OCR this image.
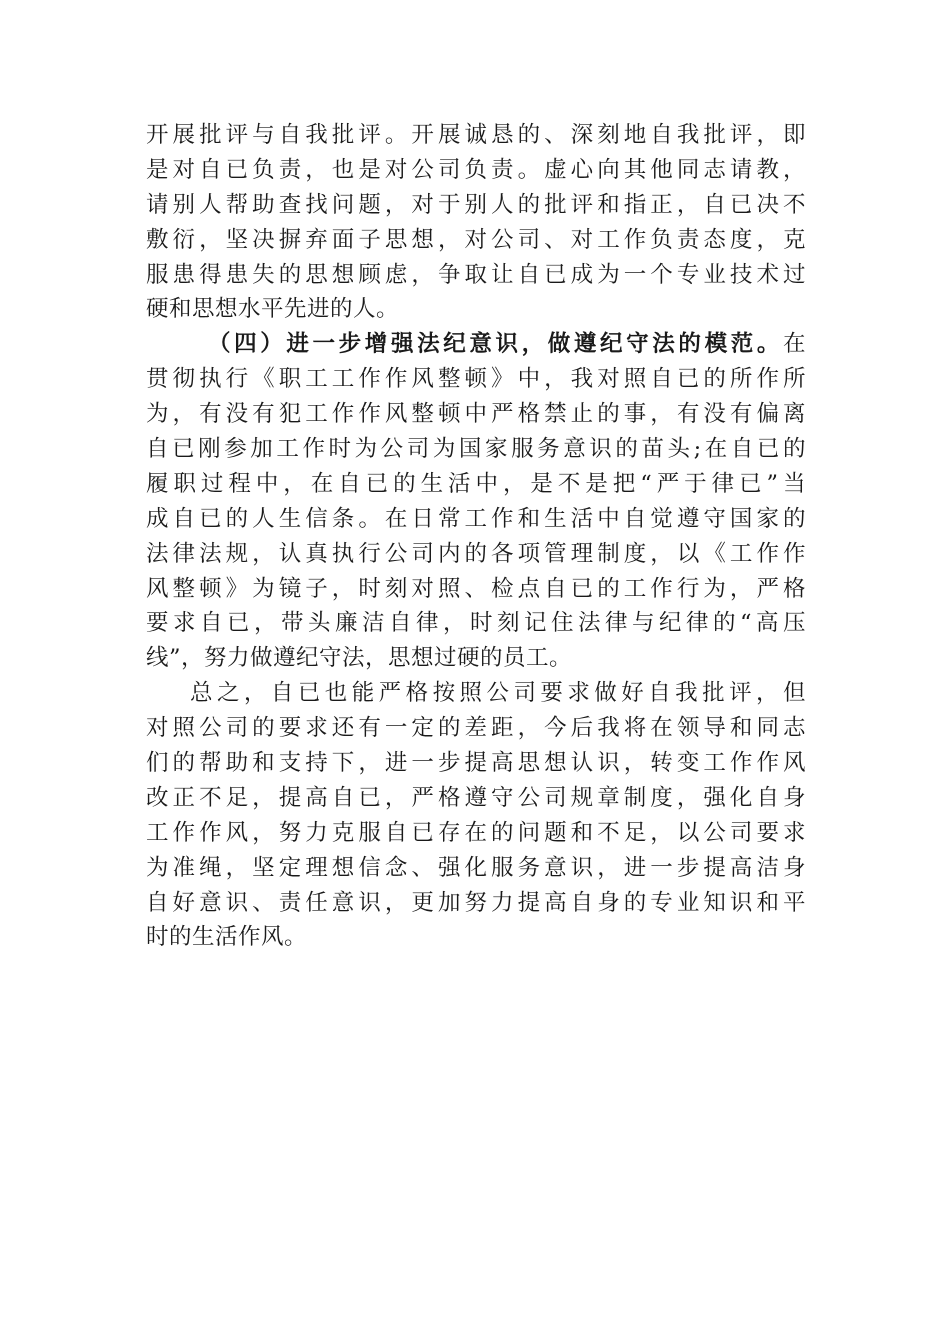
开展批评与自我批评。开展诚恳的、深刻地自我批评，即
是对自已负责，也是对公司负责。虚心向其他同志请教，
请别人帮助查找问题，对于别人的批评和指正，自已决不
敷衍，坚决摒弃面子思想，对公司、对工作负责态度，克
服患得患失的思想顾虑，争取让自已成为一个专业技术过
硬和思想水平先进的人。
（四）进一步增强法纪意识，做遵纪守法的模范。在
贯彻执行《职工工作作风整顿》中，我对照自已的所作所
为，有没有犯工作作风整顿中严格禁止的事，有没有偏离
自已刚参加工作时为公司为国家服务意识的苗头;在自已的
履职过程中，在自已的生活中，是不是把“严于律已”当
成自已的人生信条。在日常工作和生活中自觉遵守国家的
法律法规，认真执行公司内的各项管理制度，以《工作作
风整顿》为镜子，时刻对照、检点自已的工作行为，严格
要求自已，带头廉洁自律，时刻记住法律与纪律的“高压
线”，努力做遵纪守法，思想过硬的员工。
总之，自已也能严格按照公司要求做好自我批评，但
对照公司的要求还有一定的差距，今后我将在领导和同志
们的帮助和支持下，进一步提高思想认识，转变工作作风
改正不足，提高自已，严格遵守公司规章制度，强化自身
工作作风，努力克服自已存在的问题和不足，以公司要求
为准绳，坚定理想信念、强化服务意识，进一步提高洁身
自好意识、责任意识，更加努力提高自身的专业知识和平
时的生活作风。
